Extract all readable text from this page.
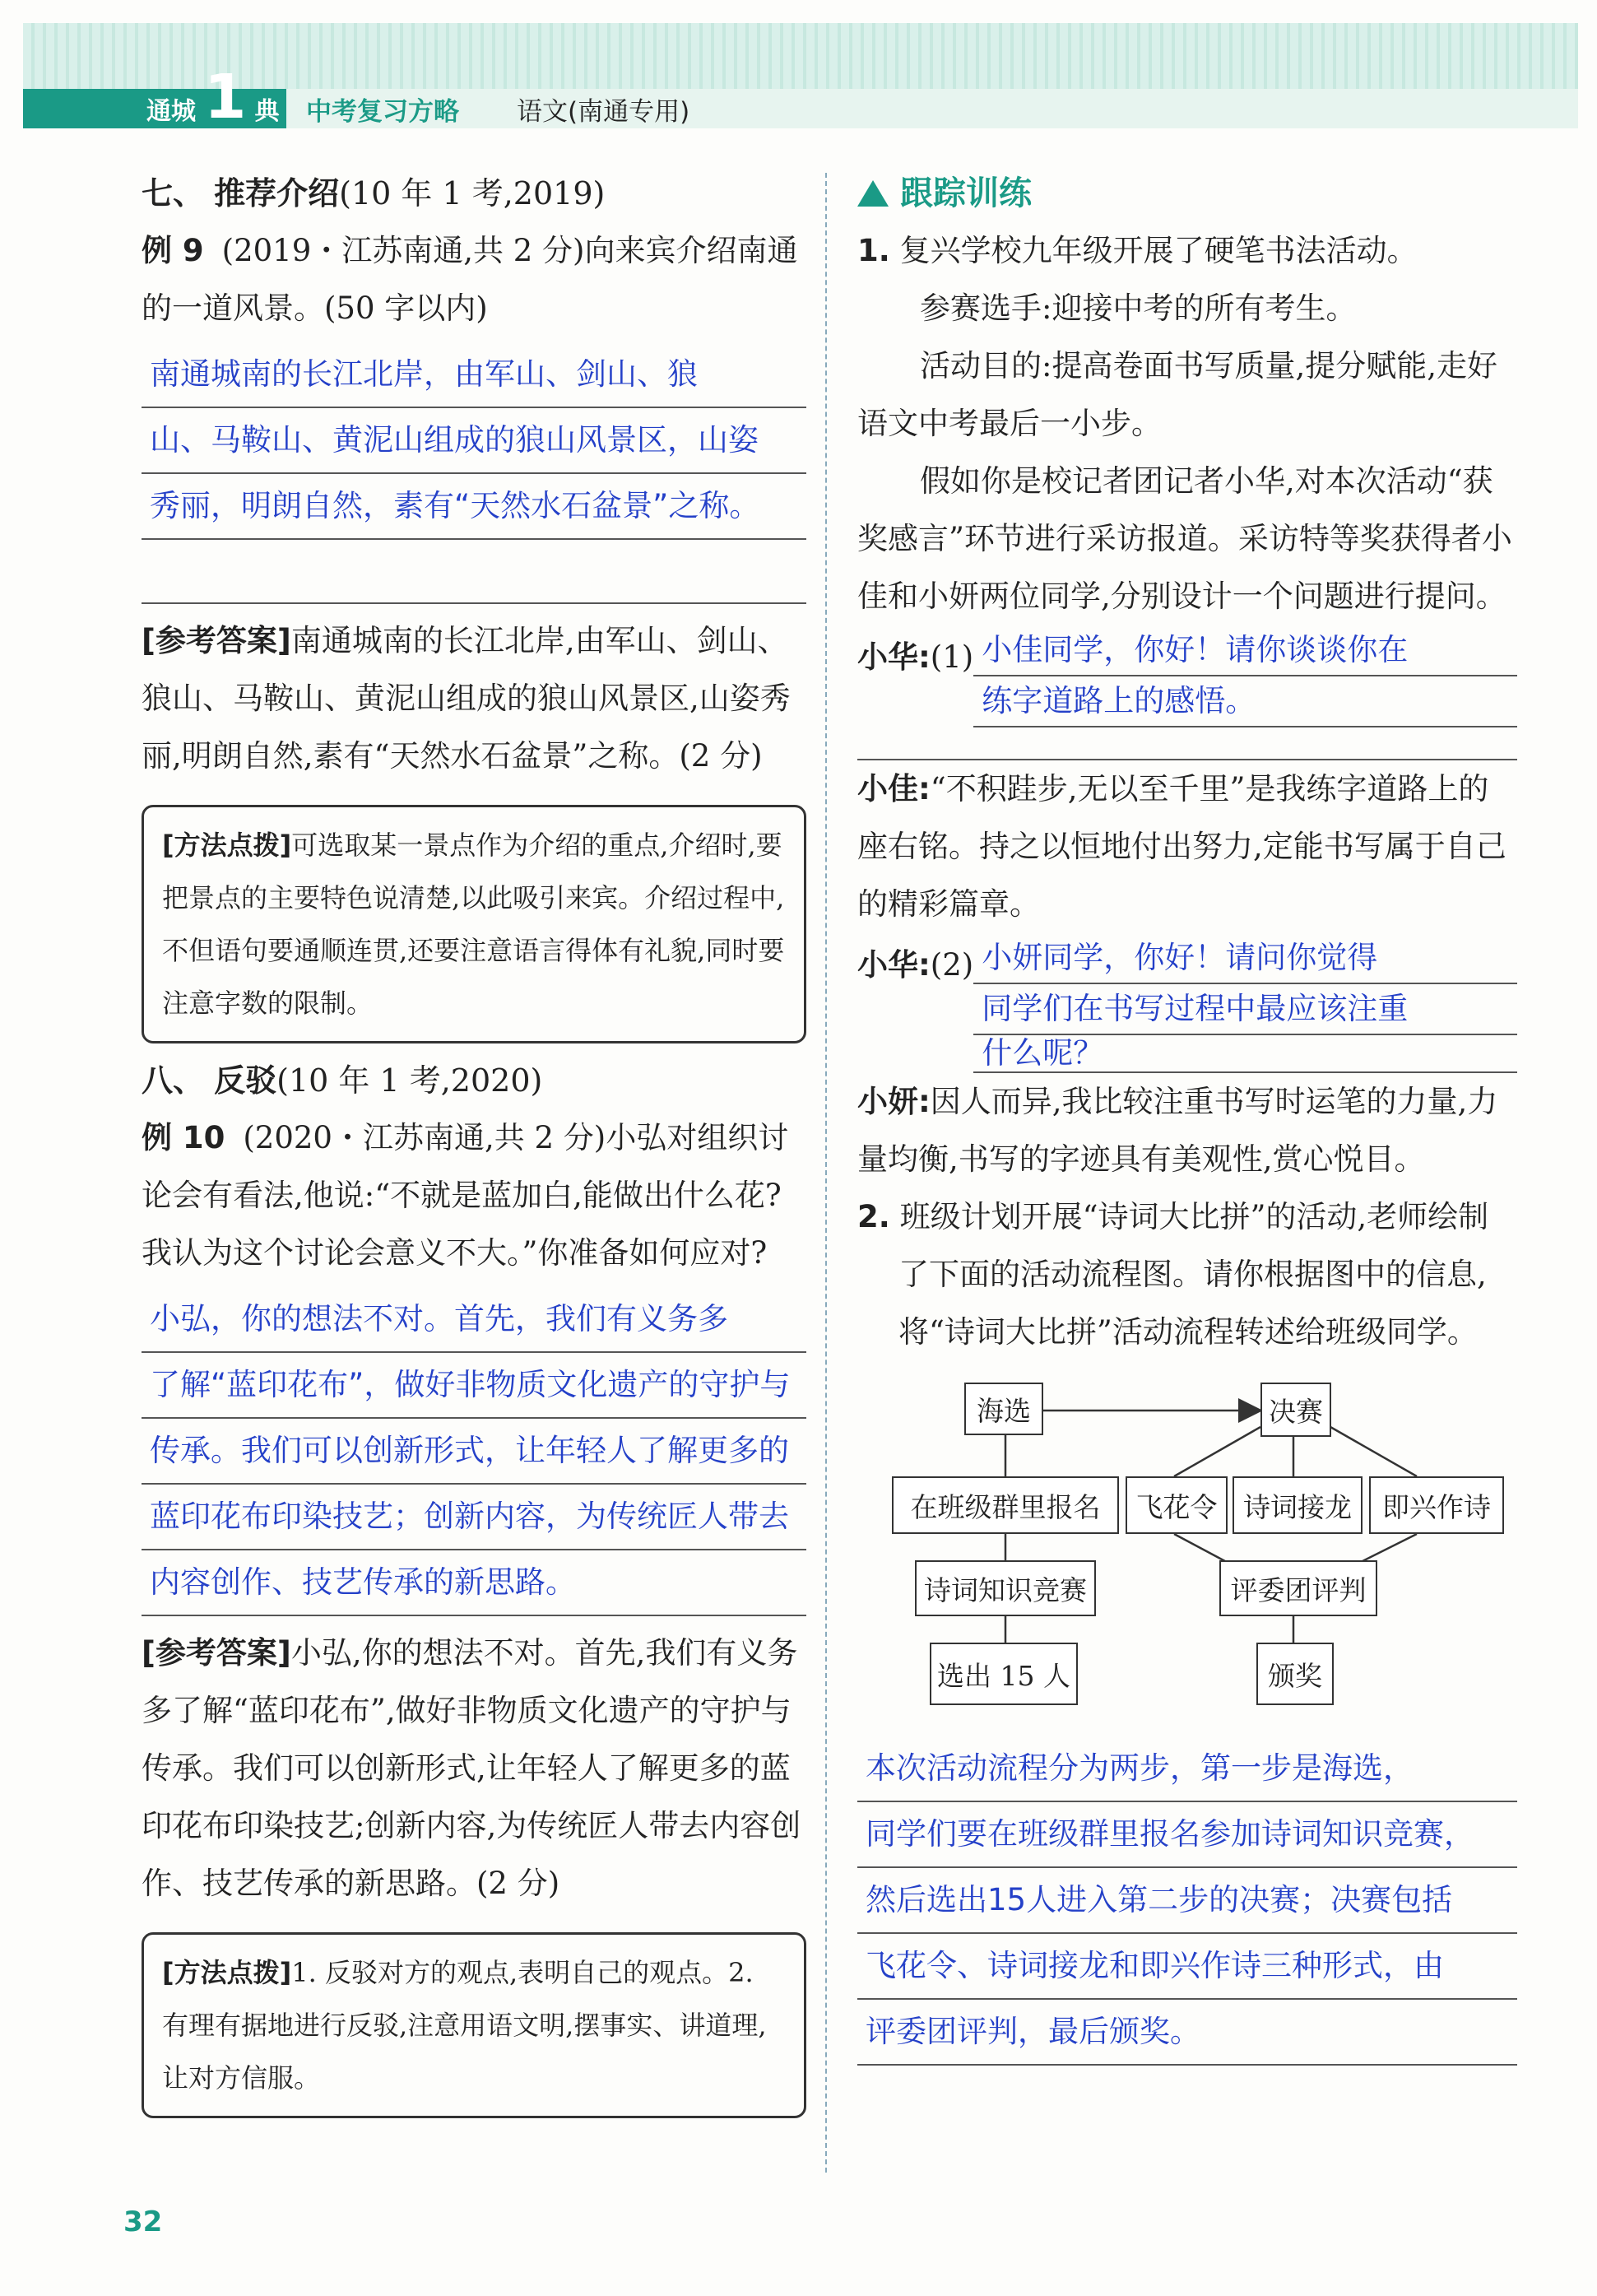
通城 1 典 中考复习方略 语文(南通专用)

七、 推荐介绍(10 年 1 考,2019)

例 9 (2019・江苏南通,共 2 分)向来宾介绍南通的一道风景。(50 字以内)

南通城南的长江北岸，由军山、剑山、狼
山、马鞍山、黄泥山组成的狼山风景区，山姿
秀丽，明朗自然，素有“天然水石盆景”之称。

[参考答案]南通城南的长江北岸,由军山、剑山、狼山、马鞍山、黄泥山组成的狼山风景区,山姿秀丽,明朗自然,素有“天然水石盆景”之称。(2 分)

[方法点拨]可选取某一景点作为介绍的重点,介绍时,要把景点的主要特色说清楚,以此吸引来宾。介绍过程中,不但语句要通顺连贯,还要注意语言得体有礼貌,同时要注意字数的限制。

八、 反驳(10 年 1 考,2020)

例 10 (2020・江苏南通,共 2 分)小弘对组织讨论会有看法,他说:“不就是蓝加白,能做出什么花? 我认为这个讨论会意义不大。”你准备如何应对?

小弘，你的想法不对。首先，我们有义务多
了解“蓝印花布”，做好非物质文化遗产的守护与
传承。我们可以创新形式，让年轻人了解更多的
蓝印花布印染技艺；创新内容，为传统匠人带去
内容创作、技艺传承的新思路。

[参考答案]小弘,你的想法不对。首先,我们有义务多了解“蓝印花布”,做好非物质文化遗产的守护与传承。我们可以创新形式,让年轻人了解更多的蓝印花布印染技艺;创新内容,为传统匠人带去内容创作、技艺传承的新思路。(2 分)

[方法点拨]1. 反驳对方的观点,表明自己的观点。2. 有理有据地进行反驳,注意用语文明,摆事实、讲道理,让对方信服。
跟踪训练

1. 复兴学校九年级开展了硬笔书法活动。

参赛选手:迎接中考的所有考生。

活动目的:提高卷面书写质量,提分赋能,走好语文中考最后一小步。

假如你是校记者团记者小华,对本次活动“获奖感言”环节进行采访报道。采访特等奖获得者小佳和小妍两位同学,分别设计一个问题进行提问。

小华:(1) 小佳同学，你好！请你谈谈你在
练字道路上的感悟。

小佳:“不积跬步,无以至千里”是我练字道路上的座右铭。持之以恒地付出努力,定能书写属于自己的精彩篇章。

小华:(2) 小妍同学，你好！请问你觉得
同学们在书写过程中最应该注重
什么呢？

小妍:因人而异,我比较注重书写时运笔的力量,力量均衡,书写的字迹具有美观性,赏心悦目。

2. 班级计划开展“诗词大比拼”的活动,老师绘制了下面的活动流程图。请你根据图中的信息,将“诗词大比拼”活动流程转述给班级同学。

海选	决赛
在班级群里报名	飞花令 诗词接龙	即兴作诗
诗词知识竞赛	评委团评判
选出 15 人	颁奖
本次活动流程分为两步，第一步是海选，
同学们要在班级群里报名参加诗词知识竞赛，
然后选出15人进入第二步的决赛；决赛包括
飞花令、诗词接龙和即兴作诗三种形式，由
评委团评判，最后颁奖。
32
